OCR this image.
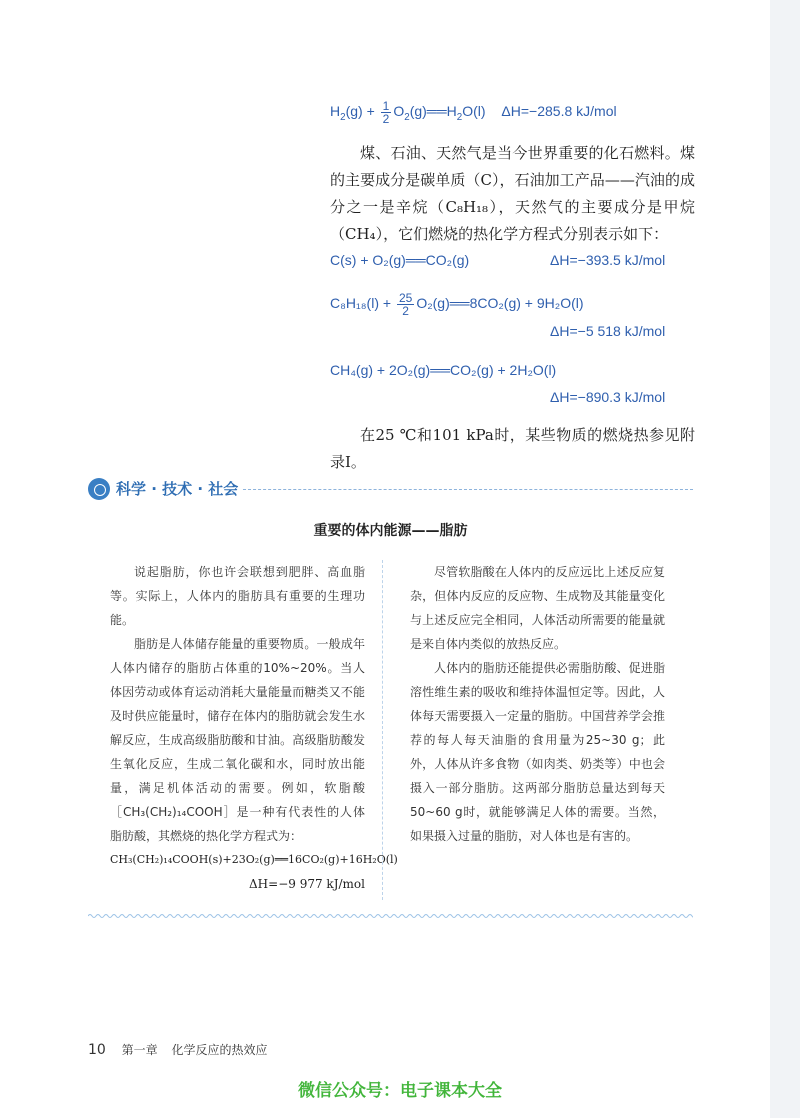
$H_2(g) + \frac{1}{2}$ $O_2(g)══H_2O(l)$ ΔH=−285.8 kJ/mol

煤、石油、天然气是当今世界重要的化石燃料。煤的主要成分是碳单质（C），石油加工产品——汽油的成分之一是辛烷（C₈H₁₈），天然气的主要成分是甲烷（CH₄），它们燃烧的热化学方程式分别表示如下：

C(s) + O₂(g)══CO₂(g)	ΔH=−393.5 kJ/mol
$C_8H_{18}(l) + \frac{25}{2}$ O₂(g)══8CO₂(g) + 9H₂O(l)
ΔH=−5 518 kJ/mol
CH₄(g) + 2O₂(g)══CO₂(g) + 2H₂O(l)
ΔH=−890.3 kJ/mol

在25 ℃和101 kPa时，某些物质的燃烧热参见附录Ⅰ。

科学 · 技术 · 社会
重要的体内能源——脂肪

说起脂肪，你也许会联想到肥胖、高血脂等。实际上，人体内的脂肪具有重要的生理功能。

脂肪是人体储存能量的重要物质。一般成年人体内储存的脂肪占体重的10%~20%。当人体因劳动或体育运动消耗大量能量而糖类又不能及时供应能量时，储存在体内的脂肪就会发生水解反应，生成高级脂肪酸和甘油。高级脂肪酸发生氧化反应，生成二氧化碳和水，同时放出能量，满足机体活动的需要。例如，软脂酸［CH₃(CH₂)₁₄COOH］是一种有代表性的人体脂肪酸，其燃烧的热化学方程式为：

CH₃(CH₂)₁₄COOH(s)+23O₂(g)══16CO₂(g)+16H₂O(l)
ΔH=−9 977 kJ/mol

尽管软脂酸在人体内的反应远比上述反应复杂，但体内反应的反应物、生成物及其能量变化与上述反应完全相同，人体活动所需要的能量就是来自体内类似的放热反应。

人体内的脂肪还能提供必需脂肪酸、促进脂溶性维生素的吸收和维持体温恒定等。因此，人体每天需要摄入一定量的脂肪。中国营养学会推荐的每人每天油脂的食用量为25~30 g；此外，人体从许多食物（如肉类、奶类等）中也会摄入一部分脂肪。这两部分脂肪总量达到每天50~60 g时，就能够满足人体的需要。当然，如果摄入过量的脂肪，对人体也是有害的。

10 第一章 化学反应的热效应
微信公众号：电子课本大全
